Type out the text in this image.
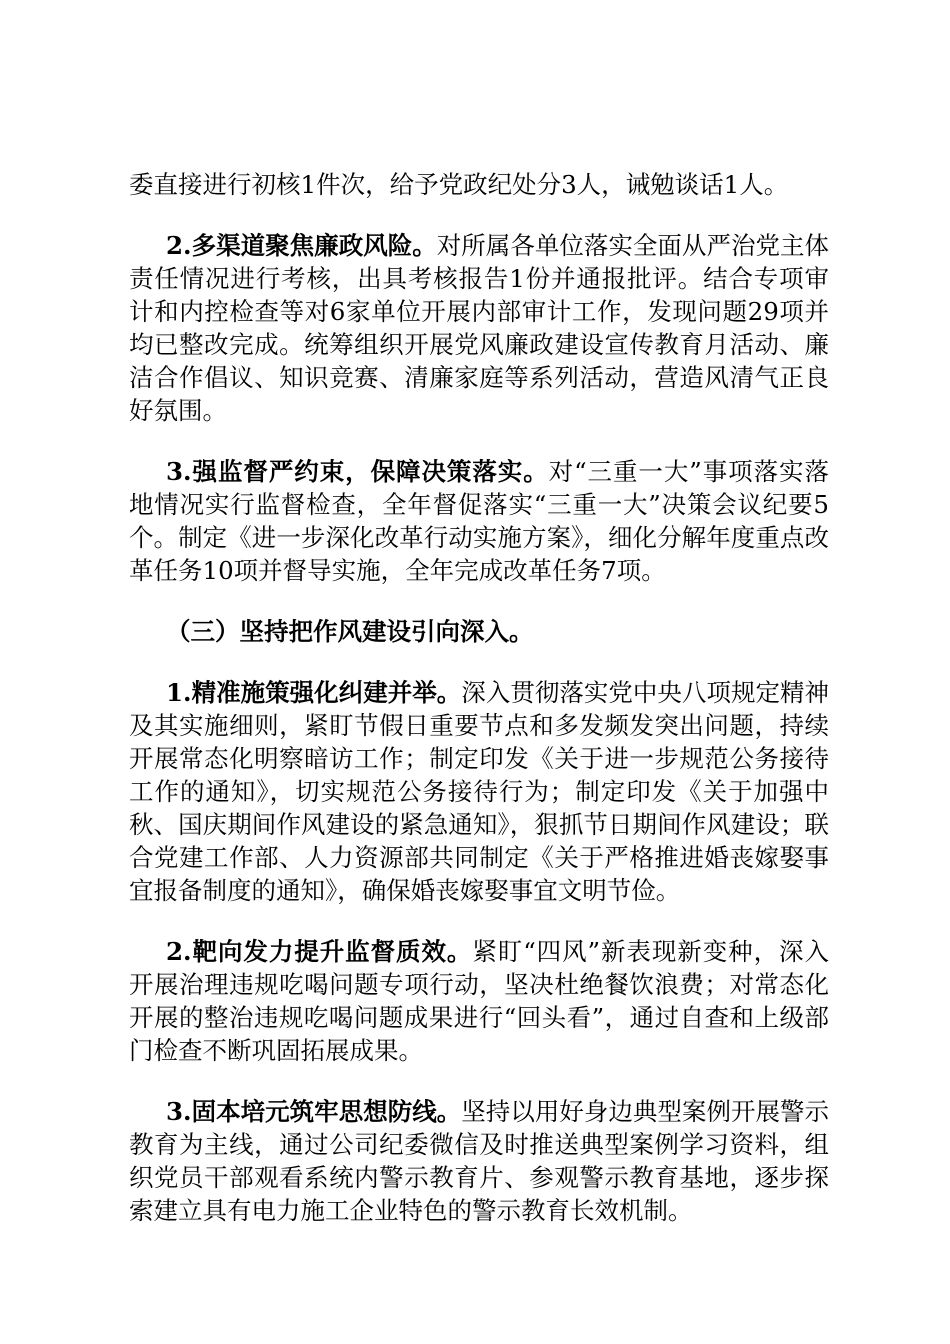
委直接进行初核1件次，给予党政纪处分3人，诫勉谈话1人。

2.多渠道聚焦廉政风险。对所属各单位落实全面从严治党主体责任情况进行考核，出具考核报告1份并通报批评。结合专项审计和内控检查等对6家单位开展内部审计工作，发现问题29项并均已整改完成。统筹组织开展党风廉政建设宣传教育月活动、廉洁合作倡议、知识竞赛、清廉家庭等系列活动，营造风清气正良好氛围。

3.强监督严约束，保障决策落实。对“三重一大”事项落实落地情况实行监督检查，全年督促落实“三重一大”决策会议纪要5个。制定《进一步深化改革行动实施方案》，细化分解年度重点改革任务10项并督导实施，全年完成改革任务7项。

（三）坚持把作风建设引向深入。

1.精准施策强化纠建并举。深入贯彻落实党中央八项规定精神及其实施细则，紧盯节假日重要节点和多发频发突出问题，持续开展常态化明察暗访工作；制定印发《关于进一步规范公务接待工作的通知》，切实规范公务接待行为；制定印发《关于加强中秋、国庆期间作风建设的紧急通知》，狠抓节日期间作风建设；联合党建工作部、人力资源部共同制定《关于严格推进婚丧嫁娶事宜报备制度的通知》，确保婚丧嫁娶事宜文明节俭。

2.靶向发力提升监督质效。紧盯“四风”新表现新变种，深入开展治理违规吃喝问题专项行动，坚决杜绝餐饮浪费；对常态化开展的整治违规吃喝问题成果进行“回头看”，通过自查和上级部门检查不断巩固拓展成果。

3.固本培元筑牢思想防线。坚持以用好身边典型案例开展警示教育为主线，通过公司纪委微信及时推送典型案例学习资料，组织党员干部观看系统内警示教育片、参观警示教育基地，逐步探索建立具有电力施工企业特色的警示教育长效机制。
